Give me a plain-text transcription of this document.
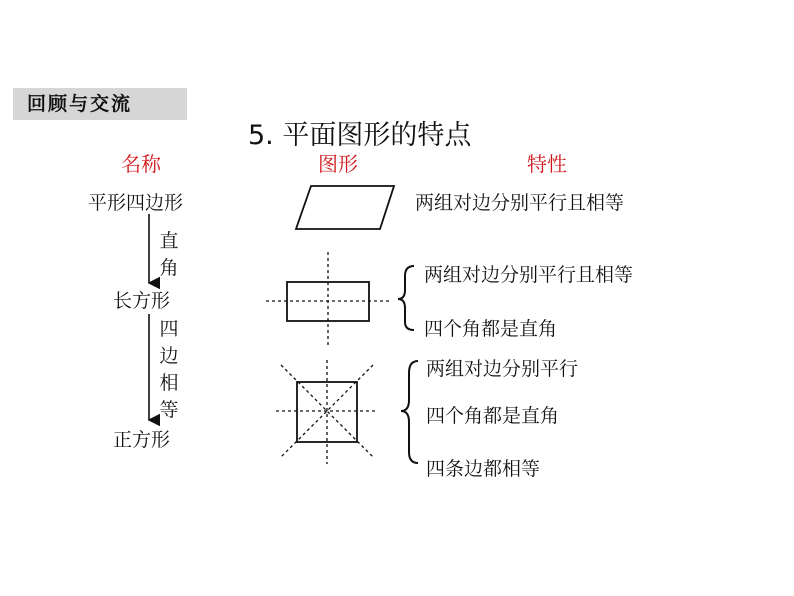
回顾与交流
5. 平面图形的特点
名称	图形	特性
平形四边形
长方形
正方形
直
角
四
边
相
等
两组对边分别平行且相等
两组对边分别平行且相等
四个角都是直角
两组对边分别平行
四个角都是直角
四条边都相等
